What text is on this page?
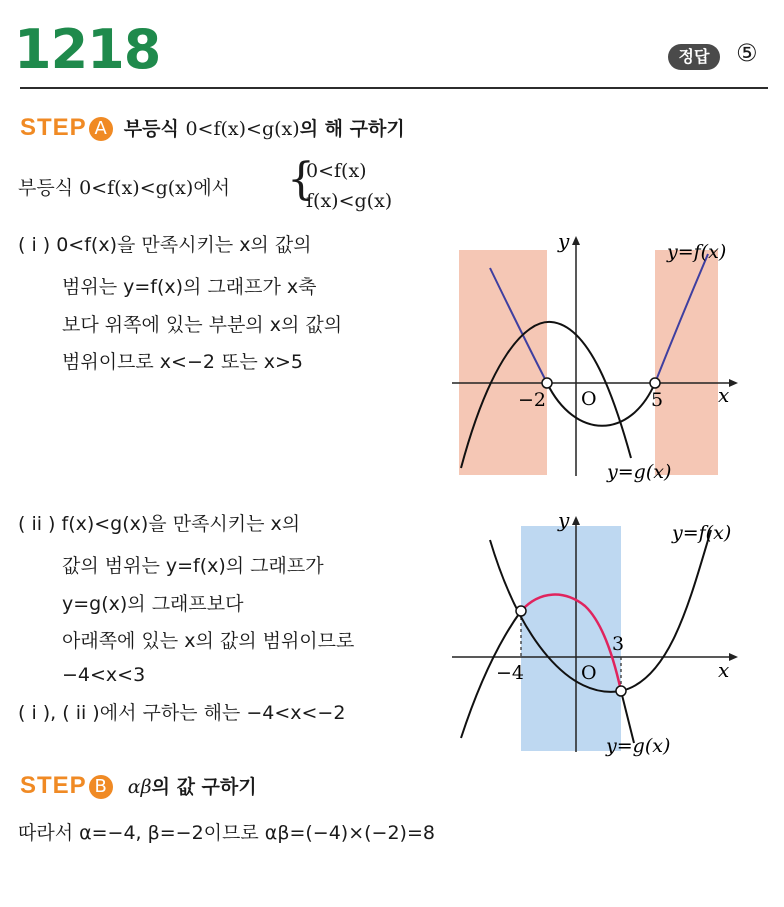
1218	정답	⑤
STEP A 부등식 0<f(x)<g(x)의 해 구하기
부등식 0<f(x)<g(x)에서 {
0<f(x)
f(x)<g(x)
( i ) 0<f(x)을 만족시키는 x의 값의
범위는 y=f(x)의 그래프가 x축
보다 위쪽에 있는 부분의 x의 값의
범위이므로 x<−2 또는 x>5
y
x
O
−2	5
y=f(x)
y=g(x)
( ii ) f(x)<g(x)을 만족시키는 x의
값의 범위는 y=f(x)의 그래프가
y=g(x)의 그래프보다
아래쪽에 있는 x의 값의 범위이므로
−4<x<3
( i ), ( ii )에서 구하는 해는 −4<x<−2
y
x
O
−4
3
y=f(x)
y=g(x)
STEP B αβ의 값 구하기
따라서 α=−4, β=−2이므로 αβ=(−4)×(−2)=8
